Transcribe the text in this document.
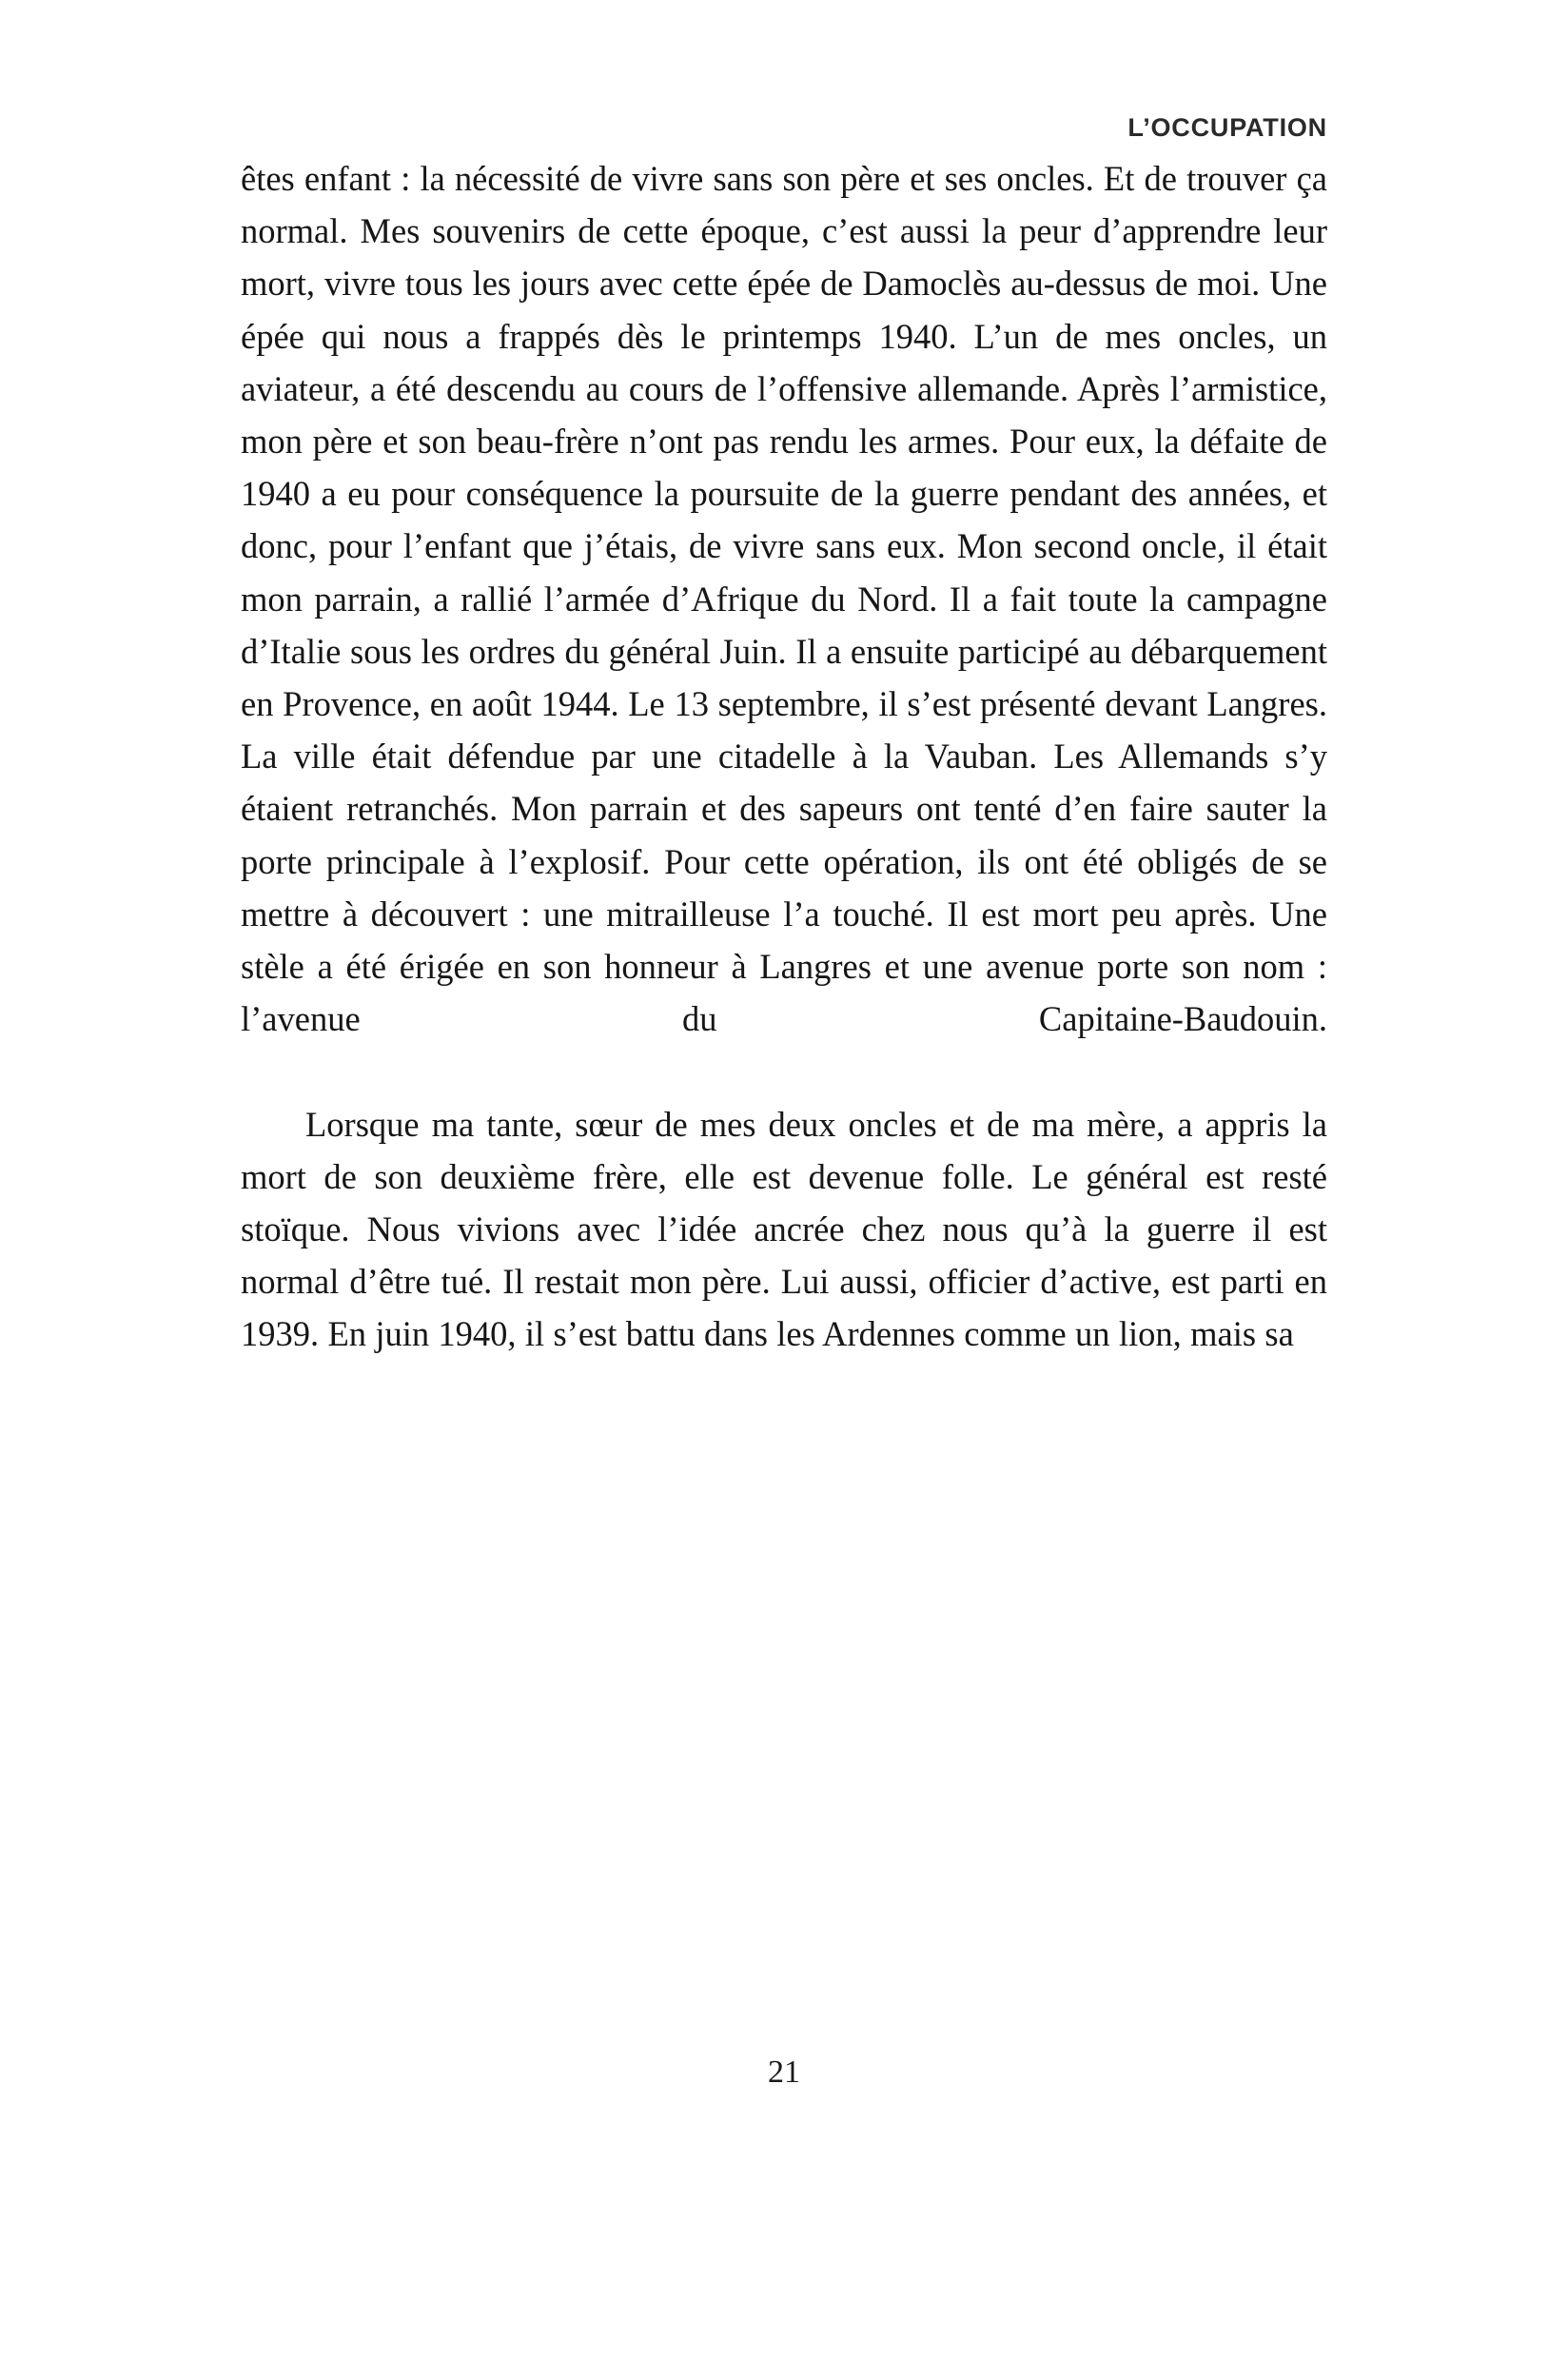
L’OCCUPATION

êtes enfant : la nécessité de vivre sans son père et ses oncles. Et de trouver ça normal. Mes souvenirs de cette époque, c’est aussi la peur d’apprendre leur mort, vivre tous les jours avec cette épée de Damoclès au-dessus de moi. Une épée qui nous a frappés dès le printemps 1940. L’un de mes oncles, un aviateur, a été descendu au cours de l’offensive allemande. Après l’armistice, mon père et son beau-frère n’ont pas rendu les armes. Pour eux, la défaite de 1940 a eu pour conséquence la poursuite de la guerre pendant des années, et donc, pour l’enfant que j’étais, de vivre sans eux. Mon second oncle, il était mon parrain, a rallié l’armée d’Afrique du Nord. Il a fait toute la campagne d’Italie sous les ordres du général Juin. Il a ensuite participé au débarquement en Provence, en août 1944. Le 13 septembre, il s’est présenté devant Langres. La ville était défendue par une citadelle à la Vauban. Les Allemands s’y étaient retranchés. Mon parrain et des sapeurs ont tenté d’en faire sauter la porte principale à l’explosif. Pour cette opération, ils ont été obligés de se mettre à découvert : une mitrailleuse l’a touché. Il est mort peu après. Une stèle a été érigée en son honneur à Langres et une avenue porte son nom : l’avenue du Capitaine-Baudouin.

Lorsque ma tante, sœur de mes deux oncles et de ma mère, a appris la mort de son deuxième frère, elle est devenue folle. Le général est resté stoïque. Nous vivions avec l’idée ancrée chez nous qu’à la guerre il est normal d’être tué. Il restait mon père. Lui aussi, officier d’active, est parti en 1939. En juin 1940, il s’est battu dans les Ardennes comme un lion, mais sa

21
